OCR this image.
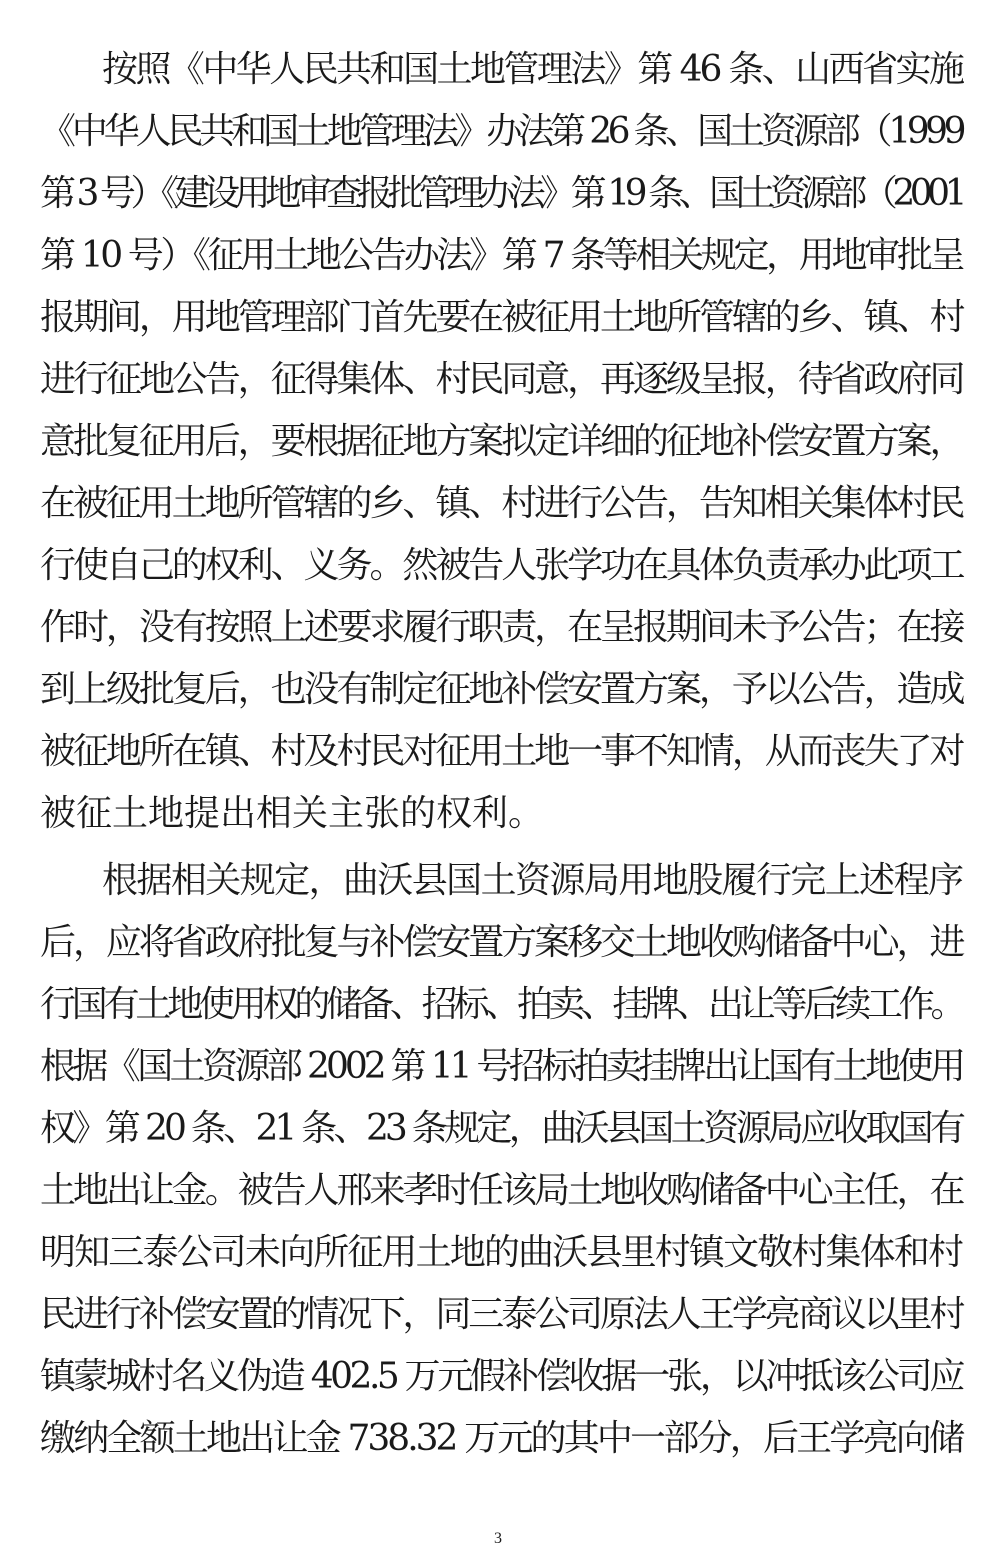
按照《中华人民共和国土地管理法》第 46 条、山西省实施
《中华人民共和国土地管理法》办法第 26 条、国土资源部（1999
第 3 号）《建设用地审查报批管理办法》第 19 条、国土资源部（2001
第 10 号）《征用土地公告办法》第 7 条等相关规定，用地审批呈
报期间，用地管理部门首先要在被征用土地所管辖的乡、镇、村
进行征地公告，征得集体、村民同意，再逐级呈报，待省政府同
意批复征用后，要根据征地方案拟定详细的征地补偿安置方案，
在被征用土地所管辖的乡、镇、村进行公告，告知相关集体村民
行使自己的权利、义务。然被告人张学功在具体负责承办此项工
作时，没有按照上述要求履行职责，在呈报期间未予公告；在接
到上级批复后，也没有制定征地补偿安置方案，予以公告，造成
被征地所在镇、村及村民对征用土地一事不知情，从而丧失了对
被征土地提出相关主张的权利。
根据相关规定，曲沃县国土资源局用地股履行完上述程序
后，应将省政府批复与补偿安置方案移交土地收购储备中心，进
行国有土地使用权的储备、招标、拍卖、挂牌、出让等后续工作。
根据《国土资源部 2002 第 11 号招标拍卖挂牌出让国有土地使用
权》第 20 条、21 条、23 条规定，曲沃县国土资源局应收取国有
土地出让金。被告人邢来孝时任该局土地收购储备中心主任，在
明知三泰公司未向所征用土地的曲沃县里村镇文敬村集体和村
民进行补偿安置的情况下，同三泰公司原法人王学亮商议以里村
镇蒙城村名义伪造 402.5 万元假补偿收据一张，以冲抵该公司应
缴纳全额土地出让金 738.32 万元的其中一部分，后王学亮向储
3
